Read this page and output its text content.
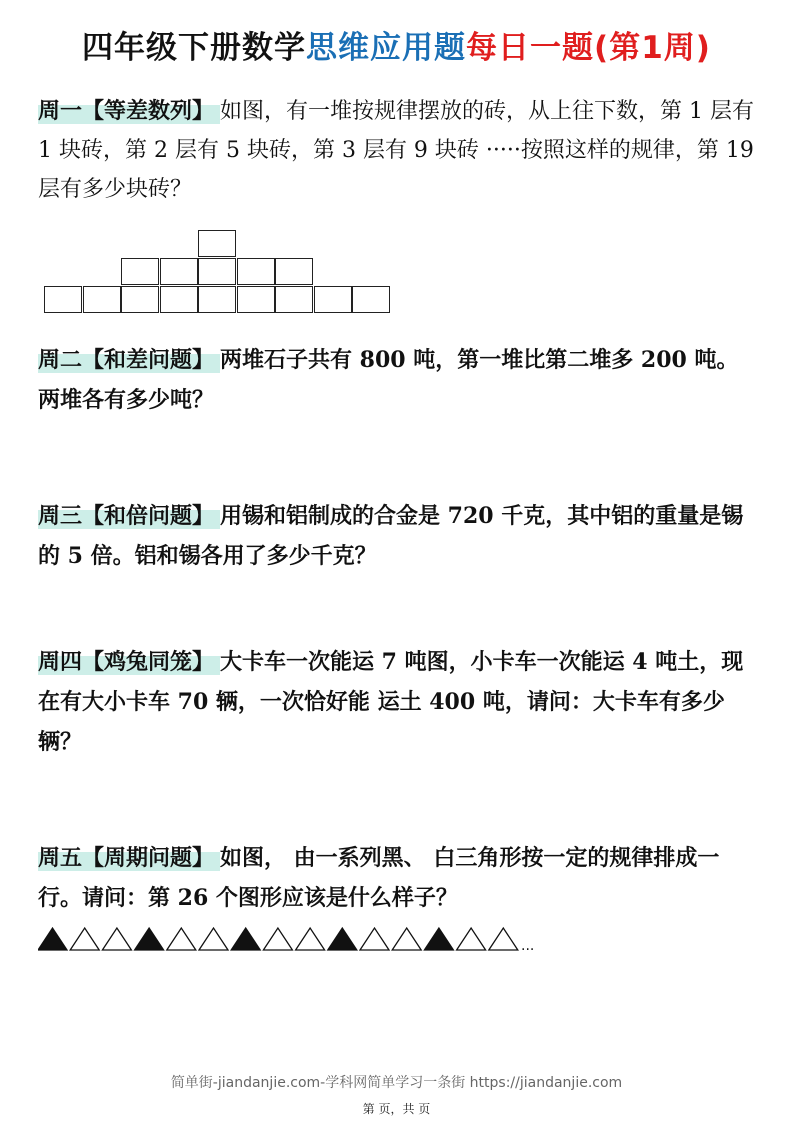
四年级下册数学思维应用题每日一题(第1周)
周一【等差数列】 如图，有一堆按规律摆放的砖，从上往下数，第 1 层有 1 块砖，第 2 层有 5 块砖，第 3 层有 9 块砖 ·····按照这样的规律，第 19 层有多少块砖？
周二【和差问题】 两堆石子共有 800 吨，第一堆比第二堆多 200 吨。两堆各有多少吨？
周三【和倍问题】 用锡和铝制成的合金是 720 千克，其中铝的重量是锡的 5 倍。铝和锡各用了多少千克？
周四【鸡兔同笼】 大卡车一次能运 7 吨图，小卡车一次能运 4 吨土，现在有大小卡车 70 辆，一次恰好能 运土 400 吨，请问：大卡车有多少辆？
周五【周期问题】 如图， 由一系列黑、 白三角形按一定的规律排成一行。请问：第 26 个图形应该是什么样子？
...
简单街-jiandanjie.com-学科网简单学习一条街 https://jiandanjie.com
第 页，共 页
